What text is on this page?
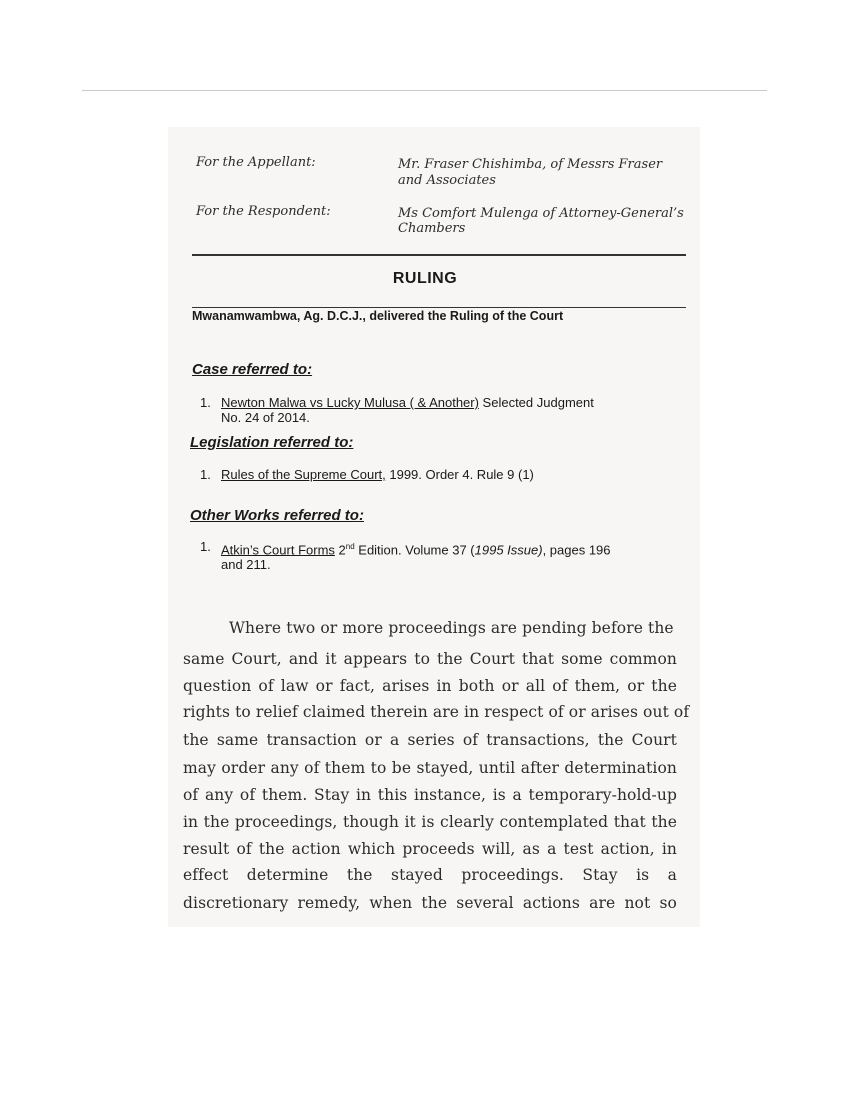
For the Appellant:	Mr. Fraser Chishimba, of Messrs Fraser
and Associates
For the Respondent:	Ms Comfort Mulenga of Attorney-General’s
Chambers
RULING
Mwanamwambwa, Ag. D.C.J., delivered the Ruling of the Court
Case referred to:
1. Newton Malwa vs Lucky Mulusa ( & Another) Selected Judgment
No. 24 of 2014.
Legislation referred to:
1. Rules of the Supreme Court, 1999. Order 4. Rule 9 (1)
Other Works referred to:
1. Atkin’s Court Forms 2nd Edition. Volume 37 (1995 Issue), pages 196
and 211.
Where two or more proceedings are pending before the
same Court, and it appears to the Court that some common
question of law or fact, arises in both or all of them, or the
rights to relief claimed therein are in respect of or arises out of
the same transaction or a series of transactions, the Court
may order any of them to be stayed, until after determination
of any of them. Stay in this instance, is a temporary-hold-up
in the proceedings, though it is clearly contemplated that the
result of the action which proceeds will, as a test action, in
effect determine the stayed proceedings. Stay is a
discretionary remedy, when the several actions are not so
